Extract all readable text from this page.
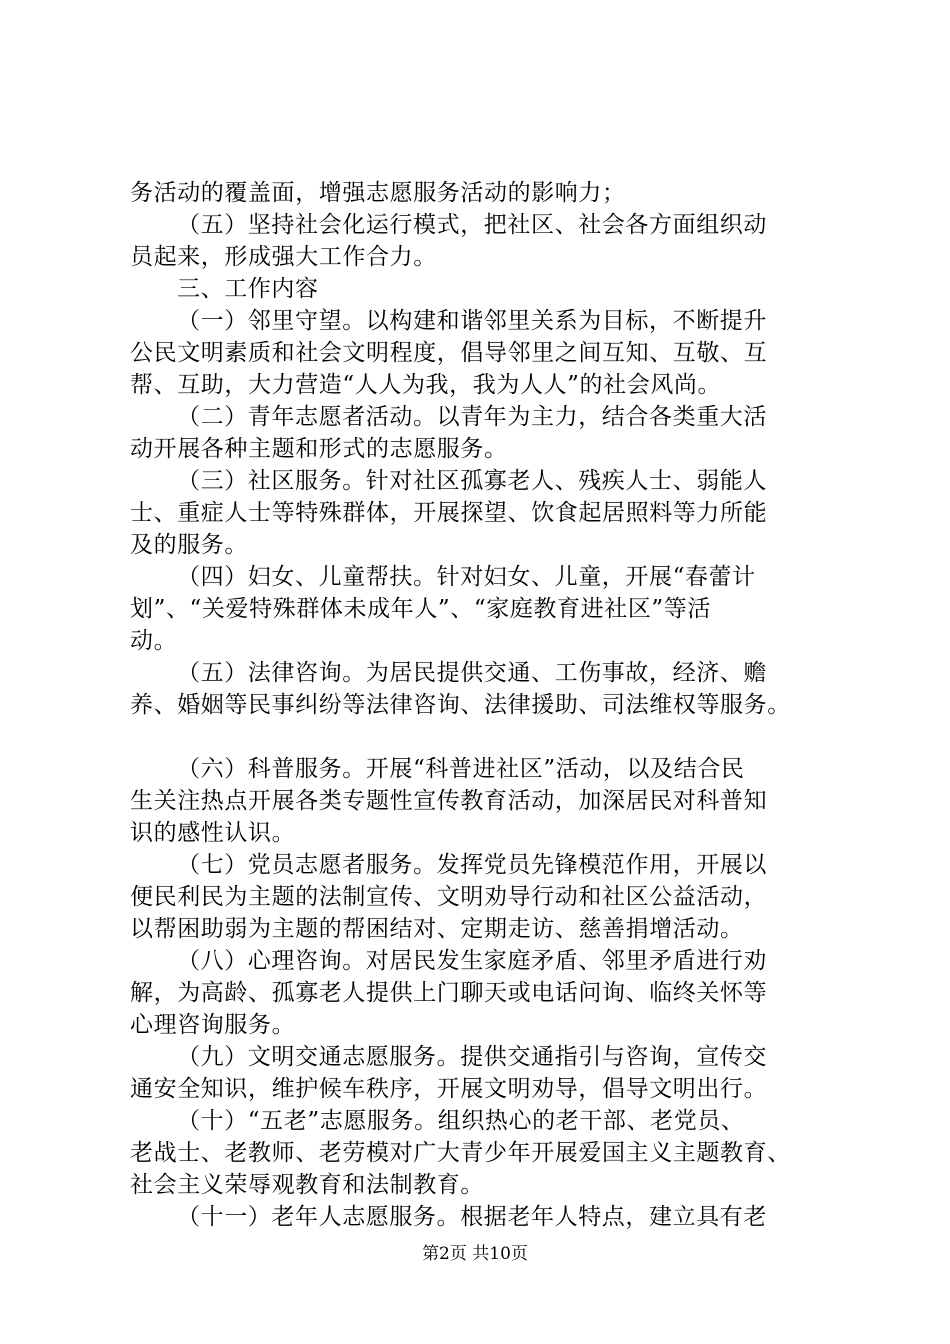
务活动的覆盖面，增强志愿服务活动的影响力；
（五）坚持社会化运行模式，把社区、社会各方面组织动
员起来，形成强大工作合力。
三、工作内容
（一）邻里守望。以构建和谐邻里关系为目标，不断提升
公民文明素质和社会文明程度，倡导邻里之间互知、互敬、互
帮、互助，大力营造“人人为我，我为人人”的社会风尚。
（二）青年志愿者活动。以青年为主力，结合各类重大活
动开展各种主题和形式的志愿服务。
（三）社区服务。针对社区孤寡老人、残疾人士、弱能人
士、重症人士等特殊群体，开展探望、饮食起居照料等力所能
及的服务。
（四）妇女、儿童帮扶。针对妇女、儿童，开展“春蕾计
划”、“关爱特殊群体未成年人”、“家庭教育进社区”等活
动。
（五）法律咨询。为居民提供交通、工伤事故，经济、赡
养、婚姻等民事纠纷等法律咨询、法律援助、司法维权等服务。
（六）科普服务。开展“科普进社区”活动，以及结合民
生关注热点开展各类专题性宣传教育活动，加深居民对科普知
识的感性认识。
（七）党员志愿者服务。发挥党员先锋模范作用，开展以
便民利民为主题的法制宣传、文明劝导行动和社区公益活动，
以帮困助弱为主题的帮困结对、定期走访、慈善捐增活动。
（八）心理咨询。对居民发生家庭矛盾、邻里矛盾进行劝
解，为高龄、孤寡老人提供上门聊天或电话问询、临终关怀等
心理咨询服务。
（九）文明交通志愿服务。提供交通指引与咨询，宣传交
通安全知识，维护候车秩序，开展文明劝导，倡导文明出行。
（十）“五老”志愿服务。组织热心的老干部、老党员、
老战士、老教师、老劳模对广大青少年开展爱国主义主题教育、
社会主义荣辱观教育和法制教育。
（十一）老年人志愿服务。根据老年人特点，建立具有老
第2页 共10页
